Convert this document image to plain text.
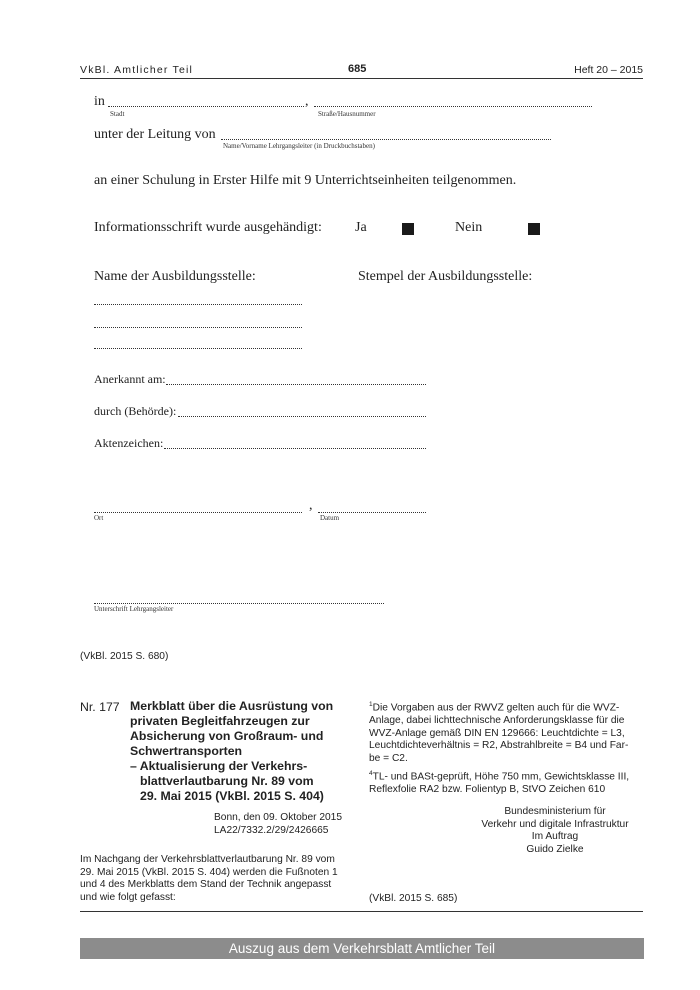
VkBl. Amtlicher Teil	685	Heft 20 – 2015
in	,
Stadt	Straße/Hausnummer
unter der Leitung von
Name/Vorname Lehrgangsleiter (in Druckbuchstaben)
an einer Schulung in Erster Hilfe mit 9 Unterrichtseinheiten teilgenommen.
Informationsschrift wurde ausgehändigt: Ja	Nein
Name der Ausbildungsstelle:	Stempel der Ausbildungsstelle:
Anerkannt am:
durch (Behörde):
Aktenzeichen:
,
Ort	Datum
Unterschrift Lehrgangsleiter
(VkBl. 2015 S. 680)
Nr. 177 Merkblatt über die Ausrüstung von
privaten Begleitfahrzeugen zur
Absicherung von Großraum- und
Schwertransporten
– Aktualisierung der Verkehrs-
blattverlautbarung Nr. 89 vom
29. Mai 2015 (VkBl. 2015 S. 404)
Bonn, den 09. Oktober 2015
LA22/7332.2/29/2426665
Im Nachgang der Verkehrsblattverlautbarung Nr. 89 vom
29. Mai 2015 (VkBl. 2015 S. 404) werden die Fußnoten 1
und 4 des Merkblatts dem Stand der Technik angepasst
und wie folgt gefasst:
$^1$Die Vorgaben aus der RWVZ gelten auch für die WVZ-
Anlage, dabei lichttechnische Anforderungsklasse für die
WVZ-Anlage gemäß DIN EN 129666: Leuchtdichte = L3,
Leuchtdichteverhältnis = R2, Abstrahlbreite = B4 und Far-
be = C2.
$^4$TL- und BASt-geprüft, Höhe 750 mm, Gewichtsklasse III,
Reflexfolie RA2 bzw. Folientyp B, StVO Zeichen 610
Bundesministerium für
Verkehr und digitale Infrastruktur
Im Auftrag
Guido Zielke
(VkBl. 2015 S. 685)
Auszug aus dem Verkehrsblatt Amtlicher Teil
